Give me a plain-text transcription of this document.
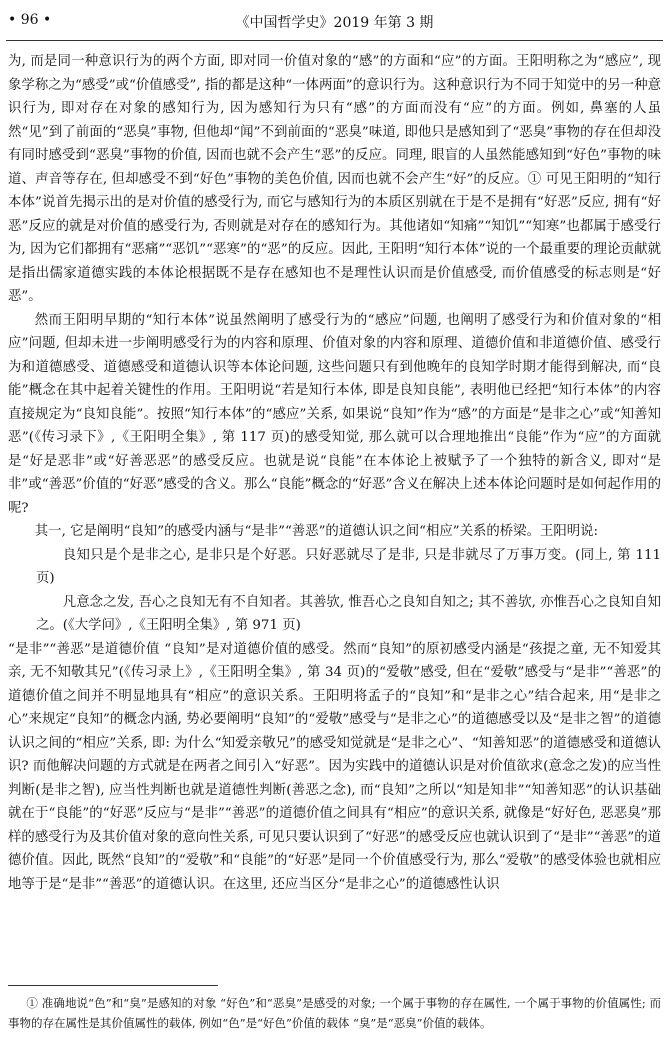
• 96 •	《中国哲学史》2019 年第 3 期

为, 而是同一种意识行为的两个方面, 即对同一价值对象的“感”的方面和“应”的方面。王阳明称之为“感应”, 现象学称之为“感受”或“价值感受”, 指的都是这种“一体两面”的意识行为。这种意识行为不同于知觉中的另一种意识行为, 即对存在对象的感知行为, 因为感知行为只有“感”的方面而没有“应”的方面。例如, 鼻塞的人虽然“见”到了前面的“恶臭”事物, 但他却“闻”不到前面的“恶臭”味道, 即他只是感知到了“恶臭”事物的存在但却没有同时感受到“恶臭”事物的价值, 因而也就不会产生“恶”的反应。同理, 眼盲的人虽然能感知到“好色”事物的味道、声音等存在, 但却感受不到“好色”事物的美色价值, 因而也就不会产生“好”的反应。① 可见王阳明的“知行本体”说首先揭示出的是对价值的感受行为, 而它与感知行为的本质区别就在于是不是拥有“好恶”反应, 拥有“好恶”反应的就是对价值的感受行为, 否则就是对存在的感知行为。其他诸如“知痛”“知饥”“知寒”也都属于感受行为, 因为它们都拥有“恶痛”“恶饥”“恶寒”的“恶”的反应。因此, 王阳明“知行本体”说的一个最重要的理论贡献就是指出儒家道德实践的本体论根据既不是存在感知也不是理性认识而是价值感受, 而价值感受的标志则是“好恶”。

然而王阳明早期的“知行本体”说虽然阐明了感受行为的“感应”问题, 也阐明了感受行为和价值对象的“相应”问题, 但却未进一步阐明感受行为的内容和原理、价值对象的内容和原理、道德价值和非道德价值、感受行为和道德感受、道德感受和道德认识等本体论问题, 这些问题只有到他晚年的良知学时期才能得到解决, 而“良能”概念在其中起着关键性的作用。王阳明说“若是知行本体, 即是良知良能”, 表明他已经把“知行本体”的内容直接规定为“良知良能”。按照“知行本体”的“感应”关系, 如果说“良知”作为“感”的方面是“是非之心”或“知善知恶”(《传习录下》,《王阳明全集》, 第 117 页)的感受知觉, 那么就可以合理地推出“良能”作为“应”的方面就是“好是恶非”或“好善恶恶”的感受反应。也就是说“良能”在本体论上被赋予了一个独特的新含义, 即对“是非”或“善恶”价值的“好恶”感受的含义。那么“良能”概念的“好恶”含义在解决上述本体论问题时是如何起作用的呢?

其一, 它是阐明“良知”的感受内涵与“是非”“善恶”的道德认识之间“相应”关系的桥梁。王阳明说:

良知只是个是非之心, 是非只是个好恶。只好恶就尽了是非, 只是非就尽了万事万变。(同上, 第 111 页)

凡意念之发, 吾心之良知无有不自知者。其善欤, 惟吾心之良知自知之; 其不善欤, 亦惟吾心之良知自知之。(《大学问》,《王阳明全集》, 第 971 页)

“是非”“善恶”是道德价值 “良知”是对道德价值的感受。然而“良知”的原初感受内涵是“孩提之童, 无不知爱其亲, 无不知敬其兄”(《传习录上》,《王阳明全集》, 第 34 页)的“爱敬”感受, 但在“爱敬”感受与“是非”“善恶”的道德价值之间并不明显地具有“相应”的意识关系。王阳明将孟子的“良知”和“是非之心”结合起来, 用“是非之心”来规定“良知”的概念内涵, 势必要阐明“良知”的“爱敬”感受与“是非之心”的道德感受以及“是非之智”的道德认识之间的“相应”关系, 即: 为什么“知爱亲敬兄”的感受知觉就是“是非之心”、“知善知恶”的道德感受和道德认识? 而他解决问题的方式就是在两者之间引入“好恶”。因为实践中的道德认识是对价值欲求(意念之发)的应当性判断(是非之智), 应当性判断也就是道德性判断(善恶之念), 而“良知”之所以“知是知非”“知善知恶”的认识基础就在于“良能”的“好恶”反应与“是非”“善恶”的道德价值之间具有“相应”的意识关系, 就像是“好好色, 恶恶臭”那样的感受行为及其价值对象的意向性关系, 可见只要认识到了“好恶”的感受反应也就认识到了“是非”“善恶”的道德价值。因此, 既然“良知”的“爱敬”和“良能”的“好恶”是同一个价值感受行为, 那么“爱敬”的感受体验也就相应地等于是“是非”“善恶”的道德认识。在这里, 还应当区分“是非之心”的道德感性认识

① 准确地说“色”和“臭”是感知的对象 “好色”和“恶臭”是感受的对象; 一个属于事物的存在属性, 一个属于事物的价值属性; 而事物的存在属性是其价值属性的载体, 例如“色”是“好色”价值的载体 “臭”是“恶臭”价值的载体。
